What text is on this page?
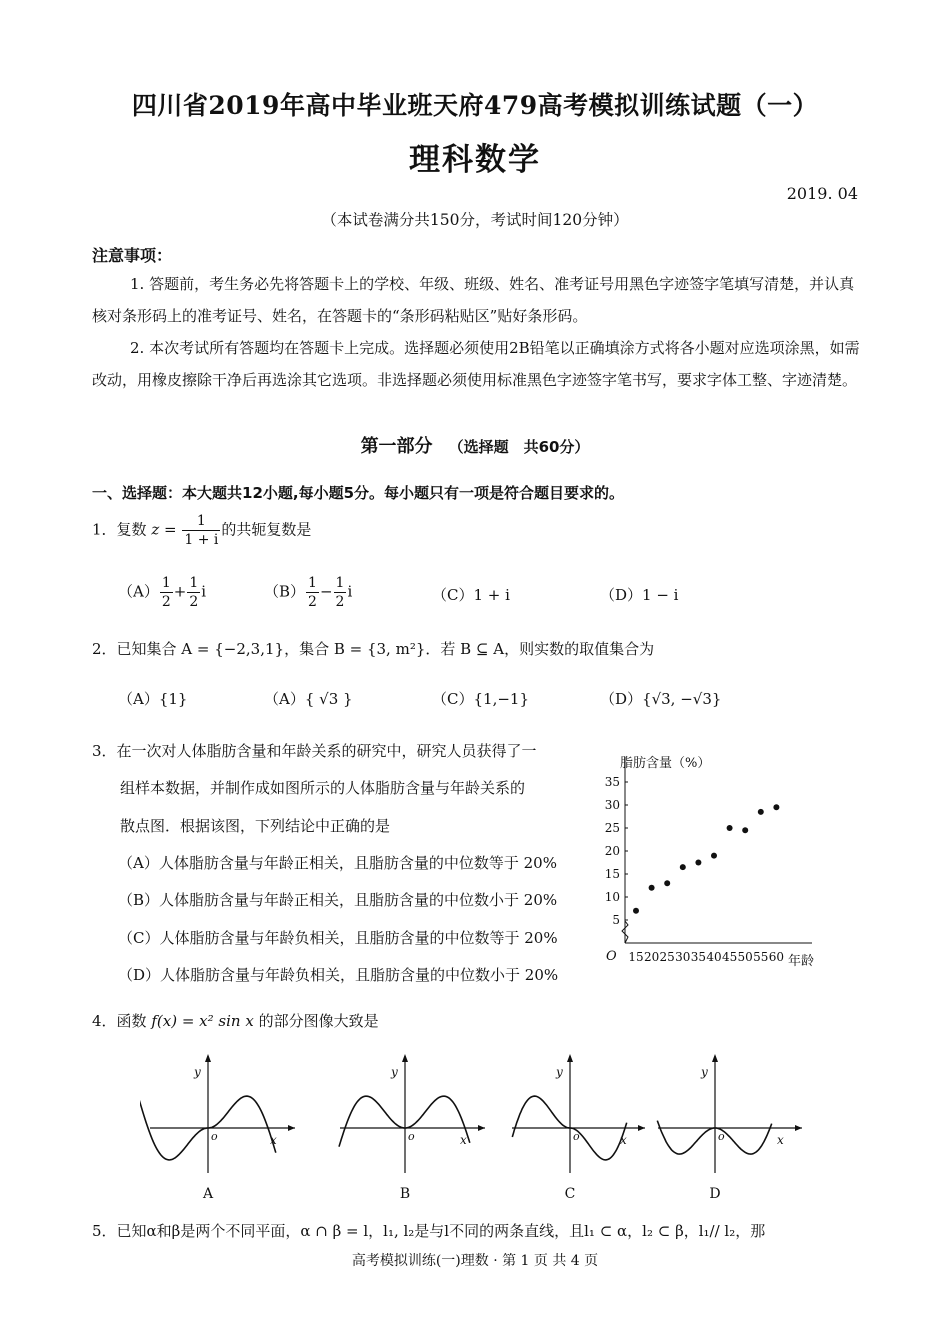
四川省2019年高中毕业班天府479高考模拟训练试题（一）
理科数学
2019. 04
（本试卷满分共150分，考试时间120分钟）
注意事项：
1. 答题前，考生务必先将答题卡上的学校、年级、班级、姓名、准考证号用黑色字迹签字笔填写清楚，并认真核对条形码上的准考证号、姓名，在答题卡的“条形码粘贴区”贴好条形码。
2. 本次考试所有答题均在答题卡上完成。选择题必须使用2B铅笔以正确填涂方式将各小题对应选项涂黑，如需改动，用橡皮擦除干净后再选涂其它选项。非选择题必须使用标准黑色字迹签字笔书写，要求字体工整、字迹清楚。
第一部分 （选择题　共60分）
一、选择题：本大题共12小题,每小题5分。每小题只有一项是符合题目要求的。
1．复数 $z = \frac{1}{1 + i}$ 的共轭复数是
$(A) \frac{1}{2} + \frac{1}{2}$ i	$(B) \frac{1}{2} - \frac{1}{2}$ i	（C）1 + i	（D）1 − i
2．已知集合 A = {−2,3,1}，集合 B = {3, m²}．若 B ⊆ A，则实数的取值集合为
（A）{1}	（A）{ √3 }	（C）{1,−1}	（D）{√3, −√3}
3．在一次对人体脂肪含量和年龄关系的研究中，研究人员获得了一
组样本数据，并制作成如图所示的人体脂肪含量与年龄关系的
散点图．根据该图，下列结论中正确的是
（A）人体脂肪含量与年龄正相关，且脂肪含量的中位数等于 20%
（B）人体脂肪含量与年龄正相关，且脂肪含量的中位数小于 20%
（C）人体脂肪含量与年龄负相关，且脂肪含量的中位数等于 20%
（D）人体脂肪含量与年龄负相关，且脂肪含量的中位数小于 20%
脂肪含量（%）
年龄
O
5
10
15
20
25
30
35
15 20 25 30 35 40 45 50 55 60
4．函数 f(x) = x² sin x 的部分图像大致是
y
x
o
A
y
x
o
B
y
x
o
C
y
x
o
D
5．已知α和β是两个不同平面，α ∩ β = l，l₁, l₂是与l不同的两条直线，且l₁ ⊂ α，l₂ ⊂ β，l₁// l₂，那
高考模拟训练(一)理数 · 第 1 页 共 4 页
